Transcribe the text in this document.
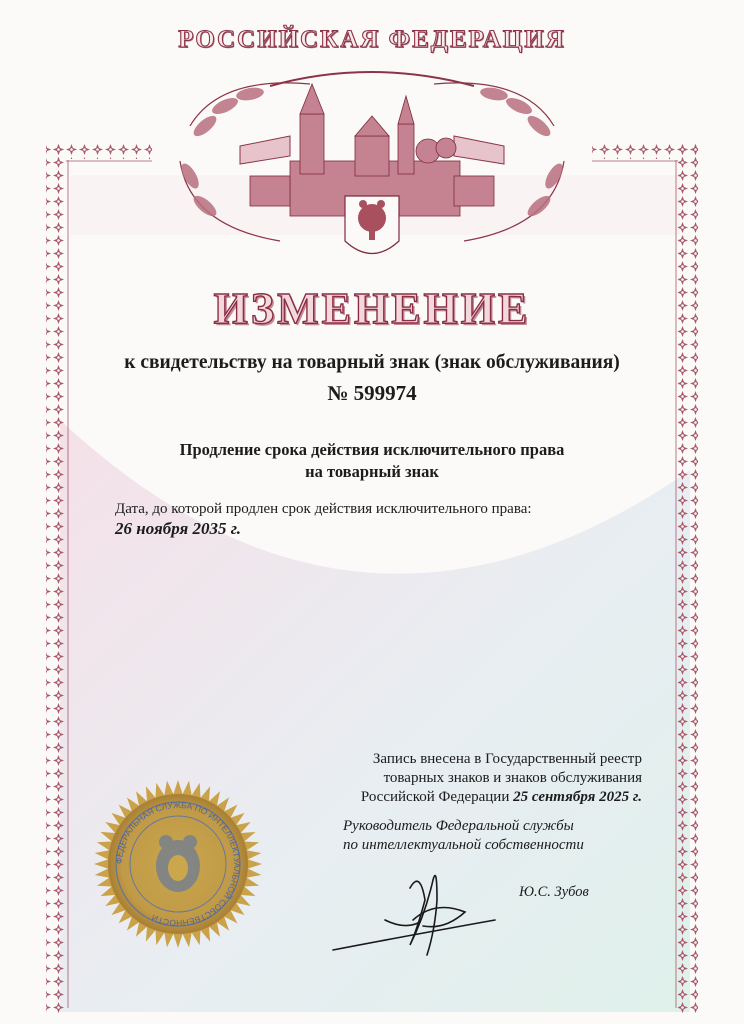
РОССИЙСКАЯ ФЕДЕРАЦИЯ
ИЗМЕНЕНИЕ
к свидетельству на товарный знак (знак обслуживания)
№ 599974
Продление срока действия исключительного права
на товарный знак
Дата, до которой продлен срок действия исключительного права:
26 ноября 2035 г.
Запись внесена в Государственный реестр
товарных знаков и знаков обслуживания
Российской Федерации 25 сентября 2025 г.
Руководитель Федеральной службы
по интеллектуальной собственности
Ю.С. Зубов
ФЕДЕРАЛЬНАЯ СЛУЖБА ПО ИНТЕЛЛЕКТУАЛЬНОЙ СОБСТВЕННОСТИ
